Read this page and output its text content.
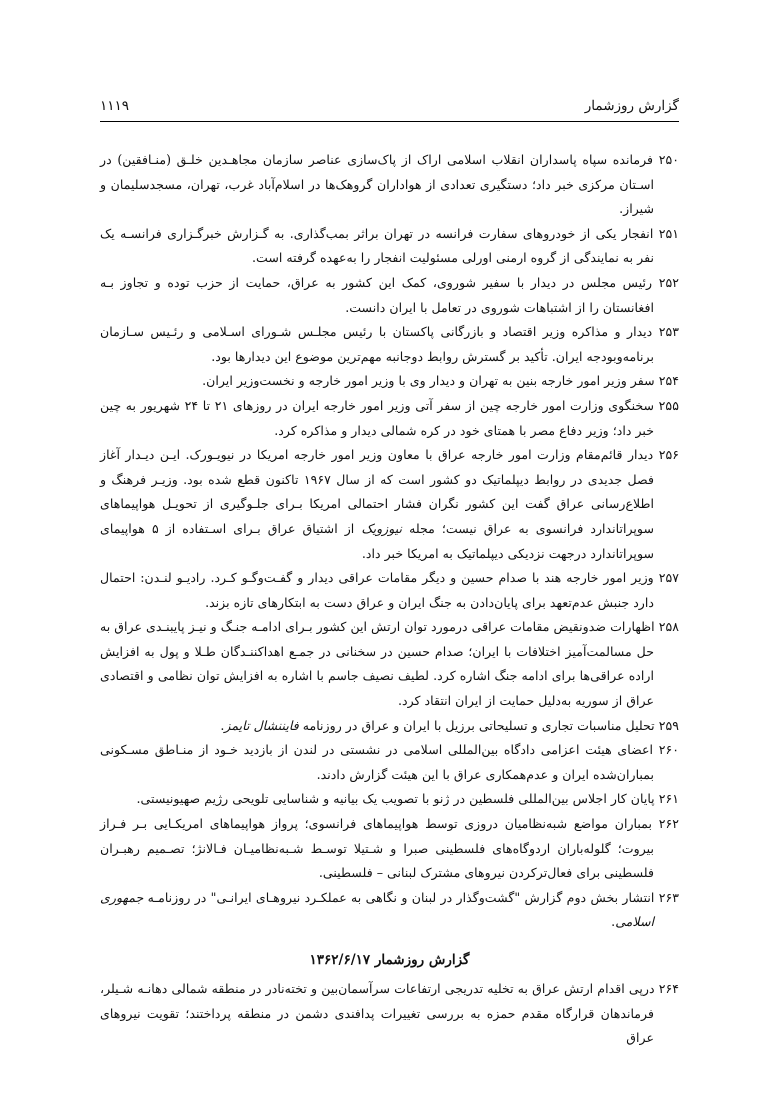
گزارش روزشمار
۱۱۱۹

۲۵۰ فرمانده سپاه پاسداران انقلاب اسلامی اراک از پاک‌سازی عناصر سازمان مجاهـدین خلـق (منـافقین) در اسـتان مرکزی خبر داد؛ دستگیری تعدادی از هواداران گروهک‌ها در اسلام‌آباد غرب، تهران، مسجدسلیمان و شیراز.

۲۵۱ انفجار یکی از خودروهای سفارت فرانسه در تهران براثر بمب‌گذاری. به گـزارش خبرگـزاری فرانسـه یک نفر به نمایندگی از گروه ارمنی اورلی مسئولیت انفجار را به‌عهده گرفته است.

۲۵۲ رئیس مجلس در دیدار با سفیر شوروی، کمک این کشور به عراق، حمایت از حزب توده و تجاوز بـه افغانستان را از اشتباهات شوروی در تعامل با ایران دانست.

۲۵۳ دیدار و مذاکره وزیر اقتصاد و بازرگانی پاکستان با رئیس مجلـس شـورای اسـلامی و رئـیس سـازمان برنامه‌وبودجه ایران. تأکید بر گسترش روابط دوجانبه مهم‌ترین موضوع این دیدارها بود.

۲۵۴ سفر وزیر امور خارجه بنین به تهران و دیدار وی با وزیر امور خارجه و نخست‌وزیر ایران.

۲۵۵ سخنگوی وزارت امور خارجه چین از سفر آتی وزیر امور خارجه ایران در روزهای ۲۱ تا ۲۴ شهریور به چین خبر داد؛ وزیر دفاع مصر با همتای خود در کره شمالی دیدار و مذاکره کرد.

۲۵۶ دیدار قائم‌مقام وزارت امور خارجه عراق با معاون وزیر امور خارجه امریکا در نیویـورک. ایـن دیـدار آغاز فصل جدیدی در روابط دیپلماتیک دو کشور است که از سال ۱۹۶۷ تاکنون قطع شده بود. وزیـر فرهنگ و اطلاع‌رسانی عراق گفت این کشور نگران فشار احتمالی امریکا بـرای جلـوگیری از تحویـل هواپیماهای سوپراتاندارد فرانسوی به عراق نیست؛ مجله نیوزویک از اشتیاق عراق بـرای اسـتفاده از ۵ هواپیمای سوپراتاندارد درجهت نزدیکی دیپلماتیک به امریکا خبر داد.

۲۵۷ وزیر امور خارجه هند با صدام حسین و دیگر مقامات عراقی دیدار و گفـت‌وگـو کـرد. رادیـو لنـدن: احتمال دارد جنبش عدم‌تعهد برای پایان‌دادن به جنگ ایران و عراق دست به ابتکارهای تازه بزند.

۲۵۸ اظهارات ضدونقیض مقامات عراقی درمورد توان ارتش این کشور بـرای ادامـه جنـگ و نیـز پایبنـدی عراق به حل مسالمت‌آمیز اختلافات با ایران؛ صدام حسین در سخنانی در جمـع اهداکننـدگان طـلا و پول به افزایش اراده عراقی‌ها برای ادامه جنگ اشاره کرد. لطیف نصیف جاسم با اشاره به افزایش توان نظامی و اقتصادی عراق از سوریه به‌دلیل حمایت از ایران انتقاد کرد.

۲۵۹ تحلیل مناسبات تجاری و تسلیحاتی برزیل با ایران و عراق در روزنامه فایننشال تایمز.

۲۶۰ اعضای هیئت اعزامی دادگاه بین‌المللی اسلامی در نشستی در لندن از بازدید خـود از منـاطق مسـکونی بمباران‌شده ایران و عدم‌همکاری عراق با این هیئت گزارش دادند.

۲۶۱ پایان کار اجلاس بین‌المللی فلسطین در ژنو با تصویب یک بیانیه و شناسایی تلویحی رژیم صهیونیستی.

۲۶۲ بمباران مواضع شبه‌نظامیان دروزی توسط هواپیماهای فرانسوی؛ پرواز هواپیماهای امریکـایی بـر فـراز بیروت؛ گلوله‌باران اردوگاه‌های فلسطینی صبرا و شـتیلا توسـط شـبه‌نظامیـان فـالانژ؛ تصـمیم رهبـران فلسطینی برای فعال‌ترکردن نیروهای مشترک لبنانی – فلسطینی.

۲۶۳ انتشار بخش دوم گزارش "گشت‌وگذار در لبنان و نگاهی به عملکـرد نیروهـای ایرانـی" در روزنامـه جمهوری اسلامی.

گزارش روزشمار ۱۳۶۲/۶/۱۷

۲۶۴ درپی اقدام ارتش عراق به تخلیه تدریجی ارتفاعات سرآسمان‌بین و تخته‌نادر در منطقه شمالی دهانـه شـیلر، فرماندهان قرارگاه مقدم حمزه به بررسی تغییرات پدافندی دشمن در منطقه پرداختند؛ تقویت نیروهای عراق
